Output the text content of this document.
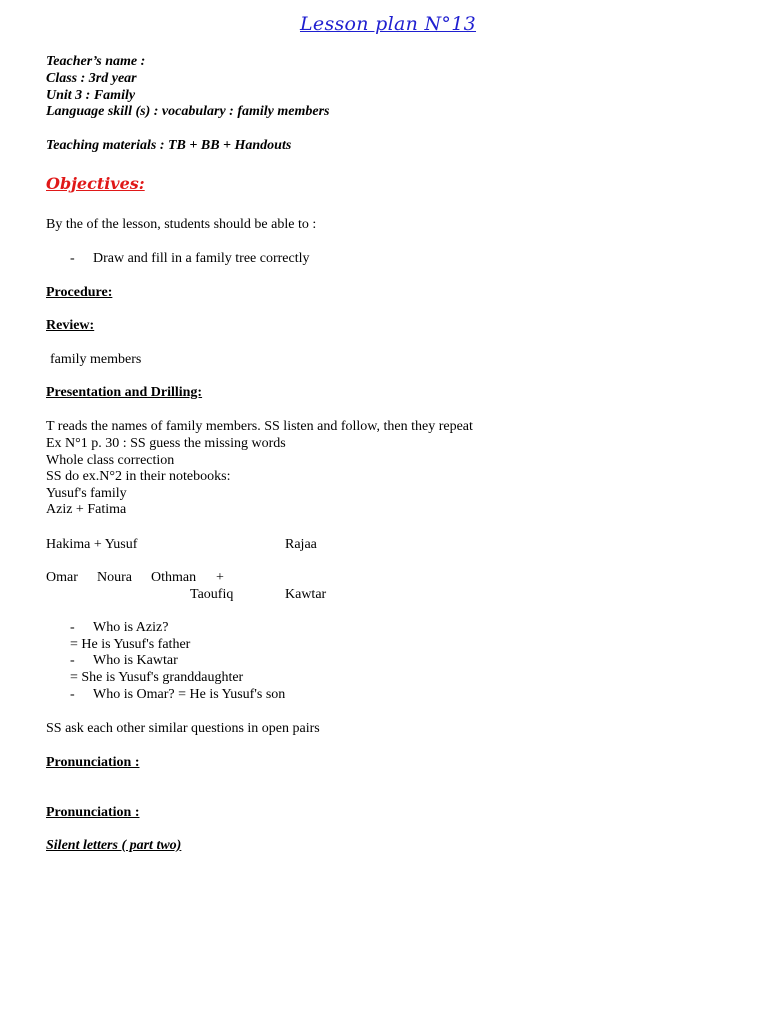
Lesson plan N°13
Teacher’s name :
Class : 3rd year
Unit 3 : Family
Language skill (s) : vocabulary : family members
Teaching materials : TB + BB + Handouts
Objectives:
By the of the lesson, students should be able to :
- Draw and fill in a family tree correctly
Procedure:
Review:
family members
Presentation and Drilling:
T reads the names of family members. SS listen and follow, then they repeat
Ex N°1 p. 30 : SS guess the missing words
Whole class correction
SS do ex.N°2 in their notebooks:
Yusuf's family
Aziz + Fatima
Hakima + Yusuf	Rajaa
Omar Noura Othman +
Taoufiq	Kawtar
- Who is Aziz?
= He is Yusuf's father
- Who is Kawtar
= She is Yusuf's granddaughter
- Who is Omar? = He is Yusuf's son
SS ask each other similar questions in open pairs
Pronunciation :
Pronunciation :
Silent letters ( part two)
